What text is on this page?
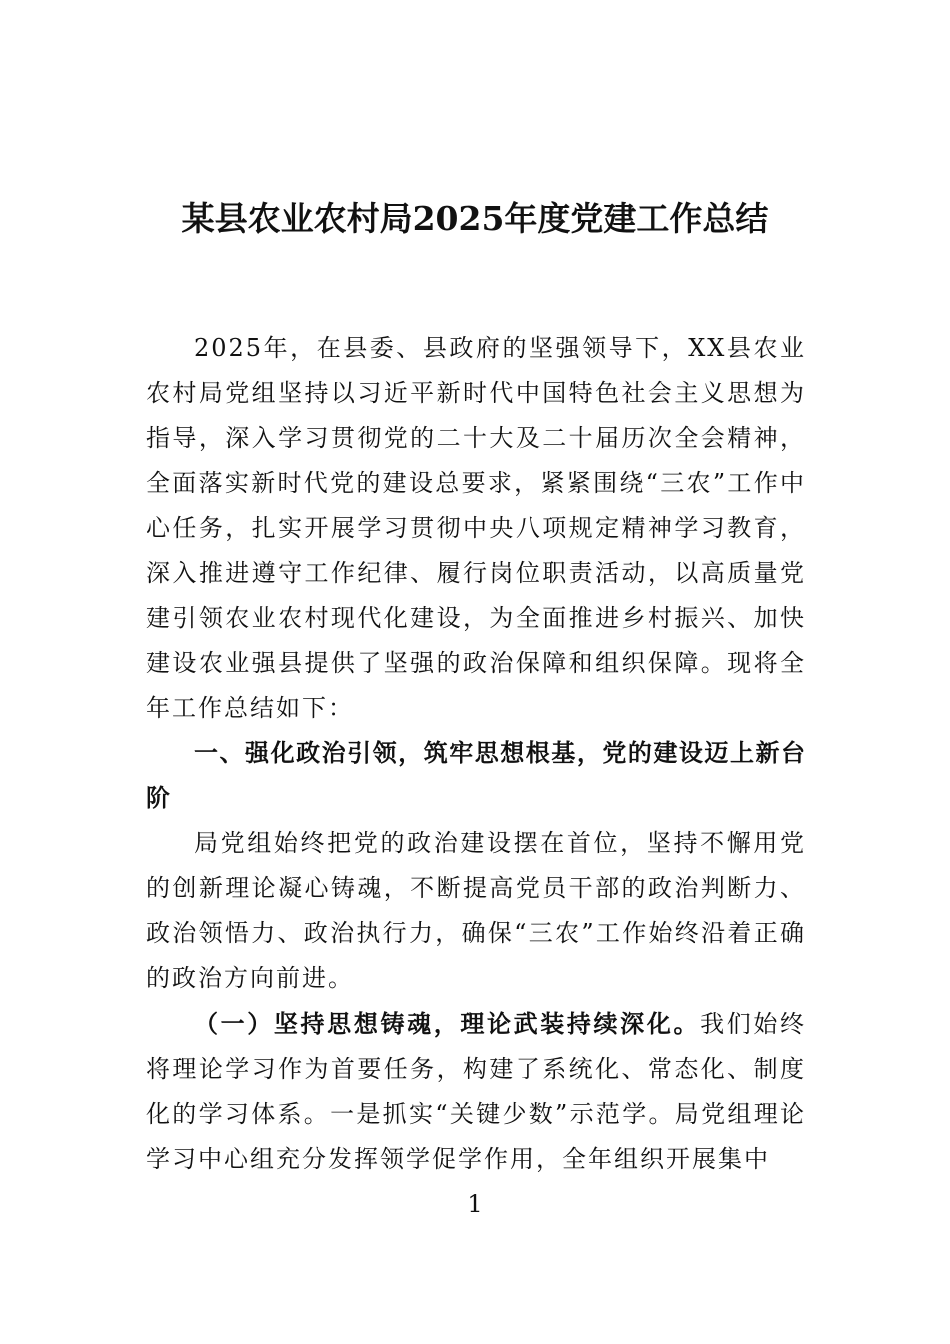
某县农业农村局2025年度党建工作总结

2025年，在县委、县政府的坚强领导下，XX县农业农村局党组坚持以习近平新时代中国特色社会主义思想为指导，深入学习贯彻党的二十大及二十届历次全会精神，全面落实新时代党的建设总要求，紧紧围绕“三农”工作中心任务，扎实开展学习贯彻中央八项规定精神学习教育，深入推进遵守工作纪律、履行岗位职责活动，以高质量党建引领农业农村现代化建设，为全面推进乡村振兴、加快建设农业强县提供了坚强的政治保障和组织保障。现将全年工作总结如下：

一、强化政治引领，筑牢思想根基，党的建设迈上新台阶

局党组始终把党的政治建设摆在首位，坚持不懈用党的创新理论凝心铸魂，不断提高党员干部的政治判断力、政治领悟力、政治执行力，确保“三农”工作始终沿着正确的政治方向前进。

（一）坚持思想铸魂，理论武装持续深化。我们始终将理论学习作为首要任务，构建了系统化、常态化、制度化的学习体系。一是抓实“关键少数”示范学。局党组理论学习中心组充分发挥领学促学作用，全年组织开展集中

1
